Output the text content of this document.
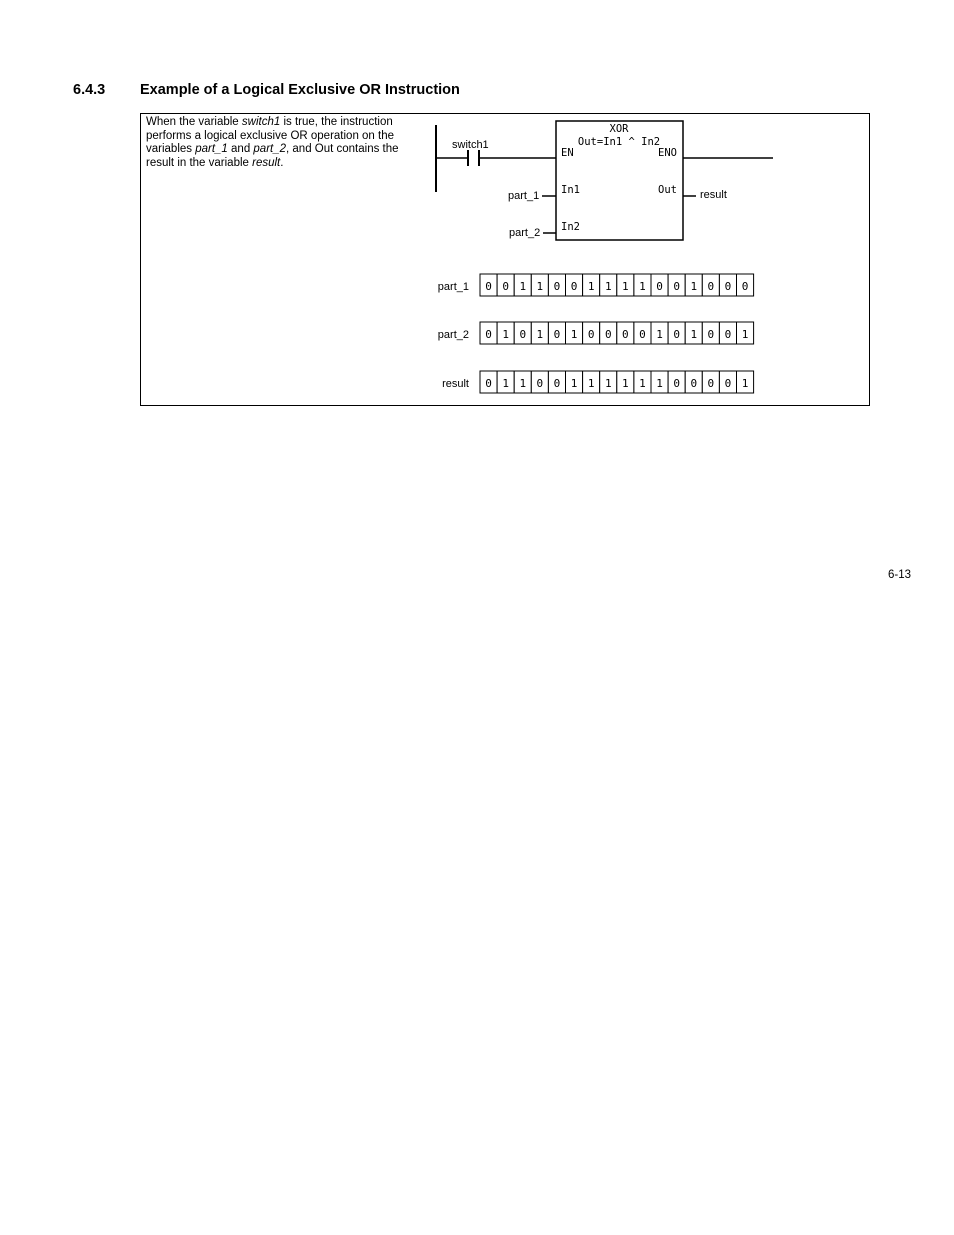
6.4.3 Example of a Logical Exclusive OR Instruction
When the variable switch1 is true, the instruction performs a logical exclusive OR operation on the variables part_1 and part_2, and Out contains the result in the variable result.
switch1
XOR
Out=In1 ^ In2
EN	ENO
In1	Out
In2
part_1
part_2
result
part_1 0 0 1 1 0 0 1 1 1 1 0 0 1 0 0 0
part_2 0 1 0 1 0 1 0 0 0 0 1 0 1 0 0 1
result 0 1 1 0 0 1 1 1 1 1 1 0 0 0 0 1
6-13
